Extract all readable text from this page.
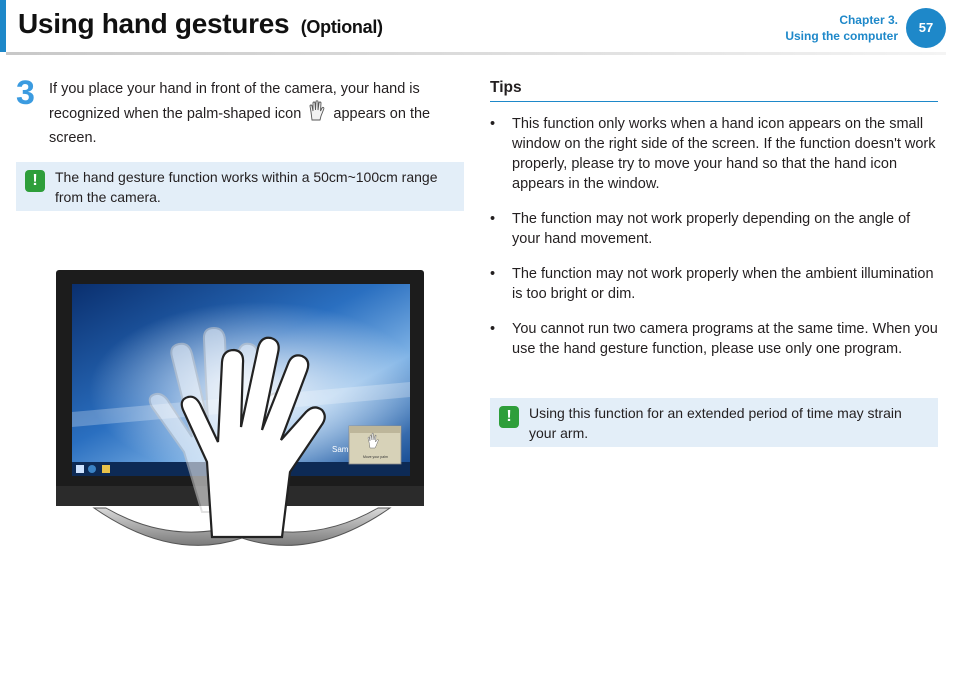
Using hand gestures (Optional)	Chapter 3.
Using the computer
57
3 If you place your hand in front of the camera, your hand is recognized when the palm-shaped icon appears on the screen.
!	The hand gesture function works within a 50cm~100cm range from the camera.
Tips
• This function only works when a hand icon appears on the small window on the right side of the screen. If the function doesn't work properly, please try to move your hand so that the hand icon appears in the window.
• The function may not work properly depending on the angle of your hand movement.
• The function may not work properly when the ambient illumination is too bright or dim.
• You cannot run two camera programs at the same time. When you use the hand gesture function, please use only one program.
!	Using this function for an extended period of time may strain your arm.
Sam
Move your palm
